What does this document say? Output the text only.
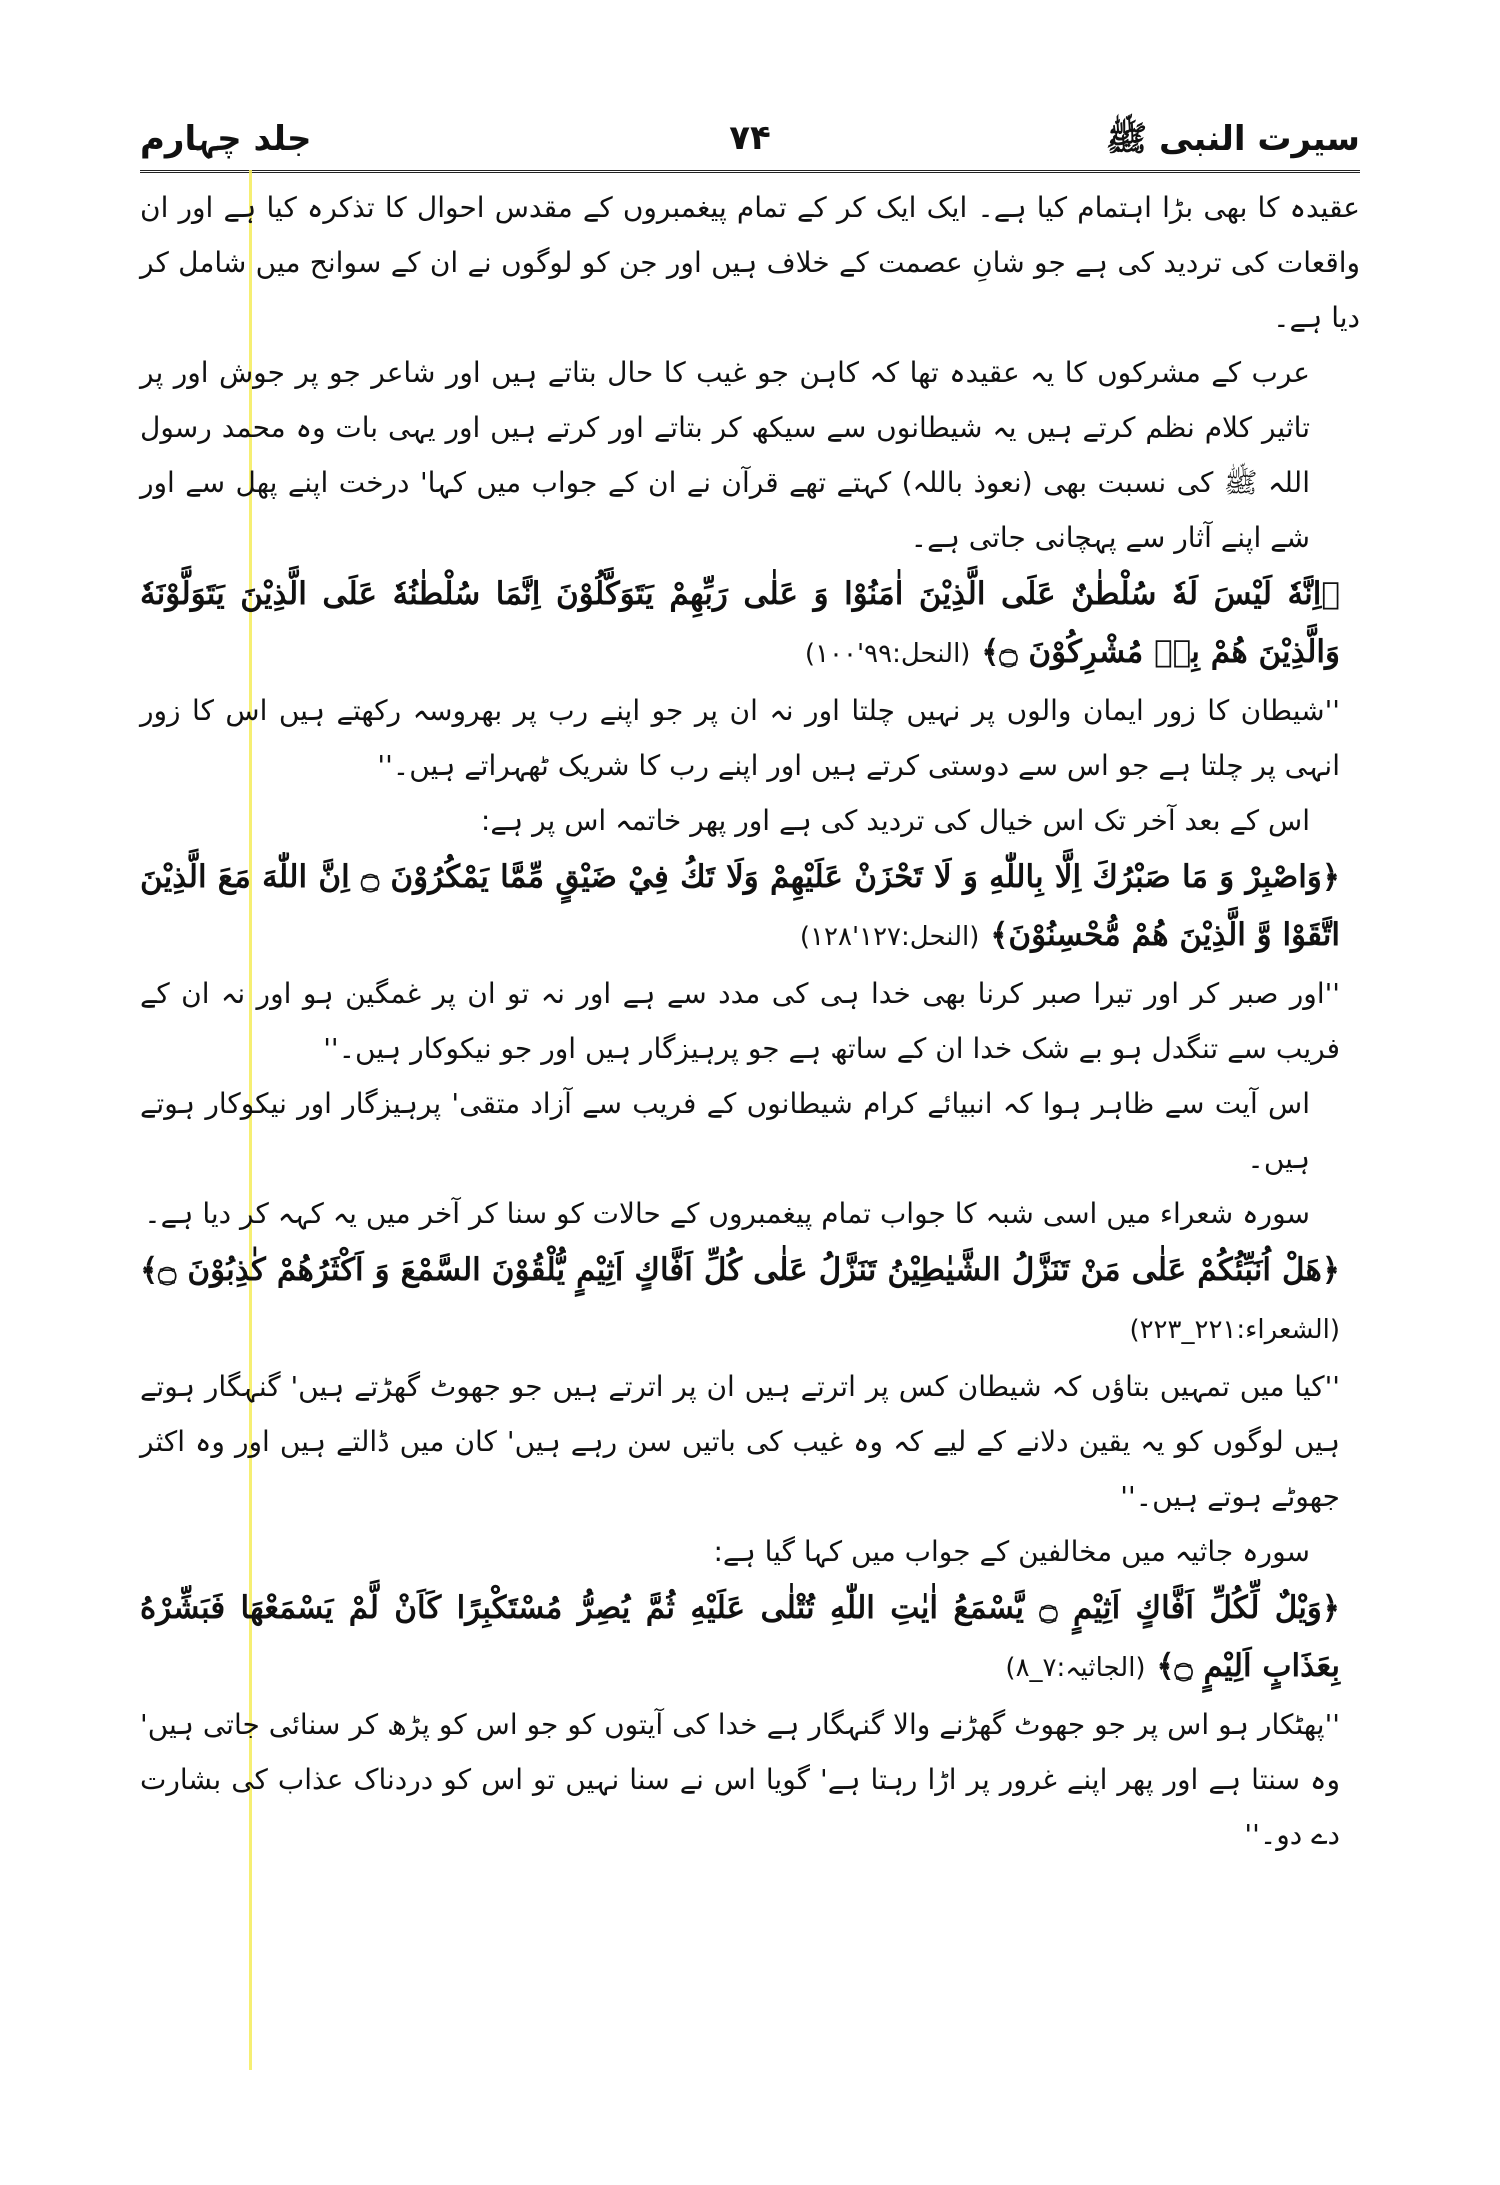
سیرت النبی ﷺ
۷۴
جلد چہارم

عقیدہ کا بھی بڑا اہتمام کیا ہے۔ ایک ایک کر کے تمام پیغمبروں کے مقدس احوال کا تذکرہ کیا ہے اور ان واقعات کی تردید کی ہے جو شانِ عصمت کے خلاف ہیں اور جن کو لوگوں نے ان کے سوانح میں شامل کر دیا ہے۔

عرب کے مشرکوں کا یہ عقیدہ تھا کہ کاہن جو غیب کا حال بتاتے ہیں اور شاعر جو پر جوش اور پر تاثیر کلام نظم کرتے ہیں یہ شیطانوں سے سیکھ کر بتاتے اور کرتے ہیں اور یہی بات وہ محمد رسول اللہ ﷺ کی نسبت بھی (نعوذ باللہ) کہتے تھے قرآن نے ان کے جواب میں کہا' درخت اپنے پھل سے اور شے اپنے آثار سے پہچانی جاتی ہے۔

﴿اِنَّهٗ لَيْسَ لَهٗ سُلْطٰنٌ عَلَى الَّذِيْنَ اٰمَنُوْا وَ عَلٰى رَبِّهِمْ يَتَوَكَّلُوْنَ اِنَّمَا سُلْطٰنُهٗ عَلَى الَّذِيْنَ يَتَوَلَّوْنَهٗ وَالَّذِيْنَ هُمْ بِهٖ مُشْرِكُوْنَ ۝﴾ (النحل:۹۹'۱۰۰)

''شیطان کا زور ایمان والوں پر نہیں چلتا اور نہ ان پر جو اپنے رب پر بھروسہ رکھتے ہیں اس کا زور انہی پر چلتا ہے جو اس سے دوستی کرتے ہیں اور اپنے رب کا شریک ٹھہراتے ہیں۔''

اس کے بعد آخر تک اس خیال کی تردید کی ہے اور پھر خاتمہ اس پر ہے:

﴿وَاصْبِرْ وَ مَا صَبْرُكَ اِلَّا بِاللّٰهِ وَ لَا تَحْزَنْ عَلَيْهِمْ وَلَا تَكُ فِيْ ضَيْقٍ مِّمَّا يَمْكُرُوْنَ ۝ اِنَّ اللّٰهَ مَعَ الَّذِيْنَ اتَّقَوْا وَّ الَّذِيْنَ هُمْ مُّحْسِنُوْنَ﴾ (النحل:۱۲۷'۱۲۸)

''اور صبر کر اور تیرا صبر کرنا بھی خدا ہی کی مدد سے ہے اور نہ تو ان پر غمگین ہو اور نہ ان کے فریب سے تنگدل ہو بے شک خدا ان کے ساتھ ہے جو پرہیزگار ہیں اور جو نیکوکار ہیں۔''

اس آیت سے ظاہر ہوا کہ انبیائے کرام شیطانوں کے فریب سے آزاد متقی' پرہیزگار اور نیکوکار ہوتے ہیں۔

سورہ شعراء میں اسی شبہ کا جواب تمام پیغمبروں کے حالات کو سنا کر آخر میں یہ کہہ کر دیا ہے۔

﴿هَلْ اُنَبِّئُكُمْ عَلٰى مَنْ تَنَزَّلُ الشَّيٰطِيْنُ تَنَزَّلُ عَلٰى كُلِّ اَفَّاكٍ اَثِيْمٍ يُّلْقُوْنَ السَّمْعَ وَ اَكْثَرُهُمْ كٰذِبُوْنَ ۝﴾ (الشعراء:۲۲۱_۲۲۳)

''کیا میں تمہیں بتاؤں کہ شیطان کس پر اترتے ہیں ان پر اترتے ہیں جو جھوٹ گھڑتے ہیں' گنہگار ہوتے ہیں لوگوں کو یہ یقین دلانے کے لیے کہ وہ غیب کی باتیں سن رہے ہیں' کان میں ڈالتے ہیں اور وہ اکثر جھوٹے ہوتے ہیں۔''

سورہ جاثیہ میں مخالفین کے جواب میں کہا گیا ہے:

﴿وَيْلٌ لِّكُلِّ اَفَّاكٍ اَثِيْمٍ ۝ يَّسْمَعُ اٰيٰتِ اللّٰهِ تُتْلٰى عَلَيْهِ ثُمَّ يُصِرُّ مُسْتَكْبِرًا كَاَنْ لَّمْ يَسْمَعْهَا فَبَشِّرْهُ بِعَذَابٍ اَلِيْمٍ ۝﴾ (الجاثیہ:۷_۸)

''پھٹکار ہو اس پر جو جھوٹ گھڑنے والا گنہگار ہے خدا کی آیتوں کو جو اس کو پڑھ کر سنائی جاتی ہیں' وہ سنتا ہے اور پھر اپنے غرور پر اڑا رہتا ہے' گویا اس نے سنا نہیں تو اس کو دردناک عذاب کی بشارت دے دو۔''
